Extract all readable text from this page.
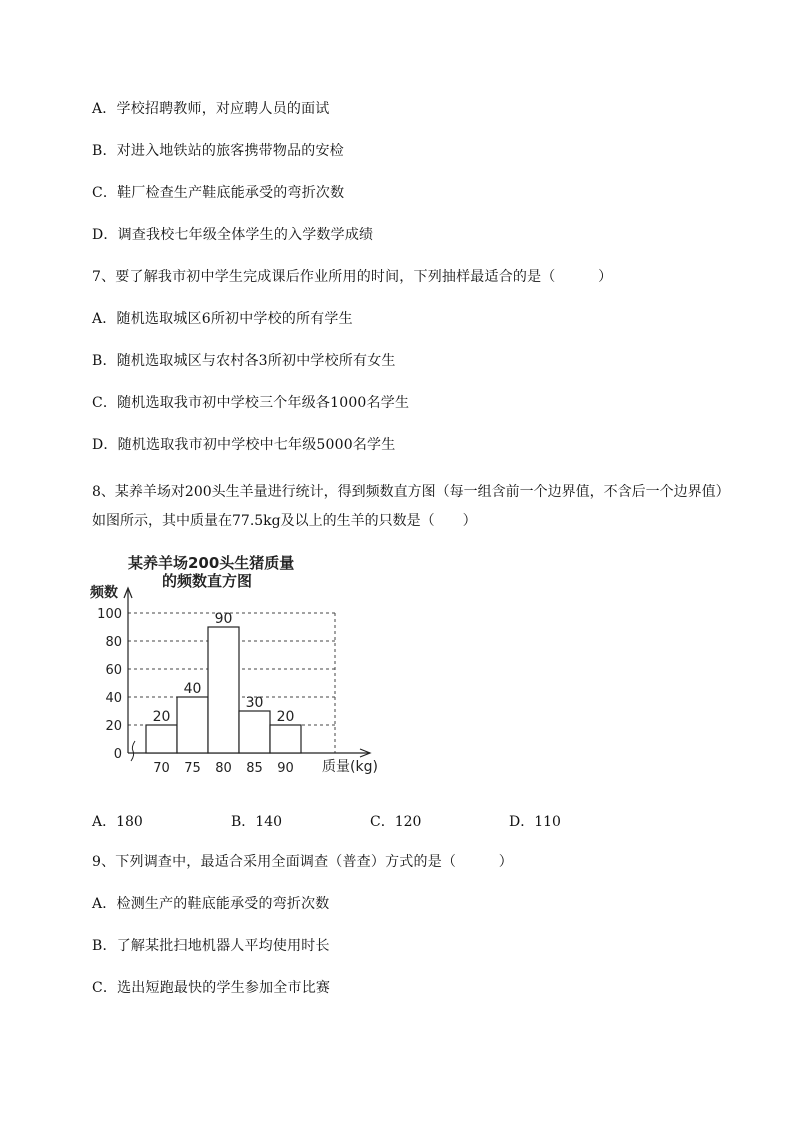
A．学校招聘教师，对应聘人员的面试
B．对进入地铁站的旅客携带物品的安检
C．鞋厂检查生产鞋底能承受的弯折次数
D．调查我校七年级全体学生的入学数学成绩
7、要了解我市初中学生完成课后作业所用的时间，下列抽样最适合的是（　　　）
A．随机选取城区6所初中学校的所有学生
B．随机选取城区与农村各3所初中学校所有女生
C．随机选取我市初中学校三个年级各1000名学生
D．随机选取我市初中学校中七年级5000名学生
8、某养羊场对200头生羊量进行统计，得到频数直方图（每一组含前一个边界值，不含后一个边界值）如图所示，其中质量在77.5kg及以上的生羊的只数是（　　）
0
20
40
60
80
100
20
40
90
30
20
70 75 80 85 90
某养羊场200头生猪质量
的频数直方图
频数
质量(kg)
A．180	B．140	C．120	D．110
9、下列调查中，最适合采用全面调查（普查）方式的是（　　　）
A．检测生产的鞋底能承受的弯折次数
B．了解某批扫地机器人平均使用时长
C．选出短跑最快的学生参加全市比赛
